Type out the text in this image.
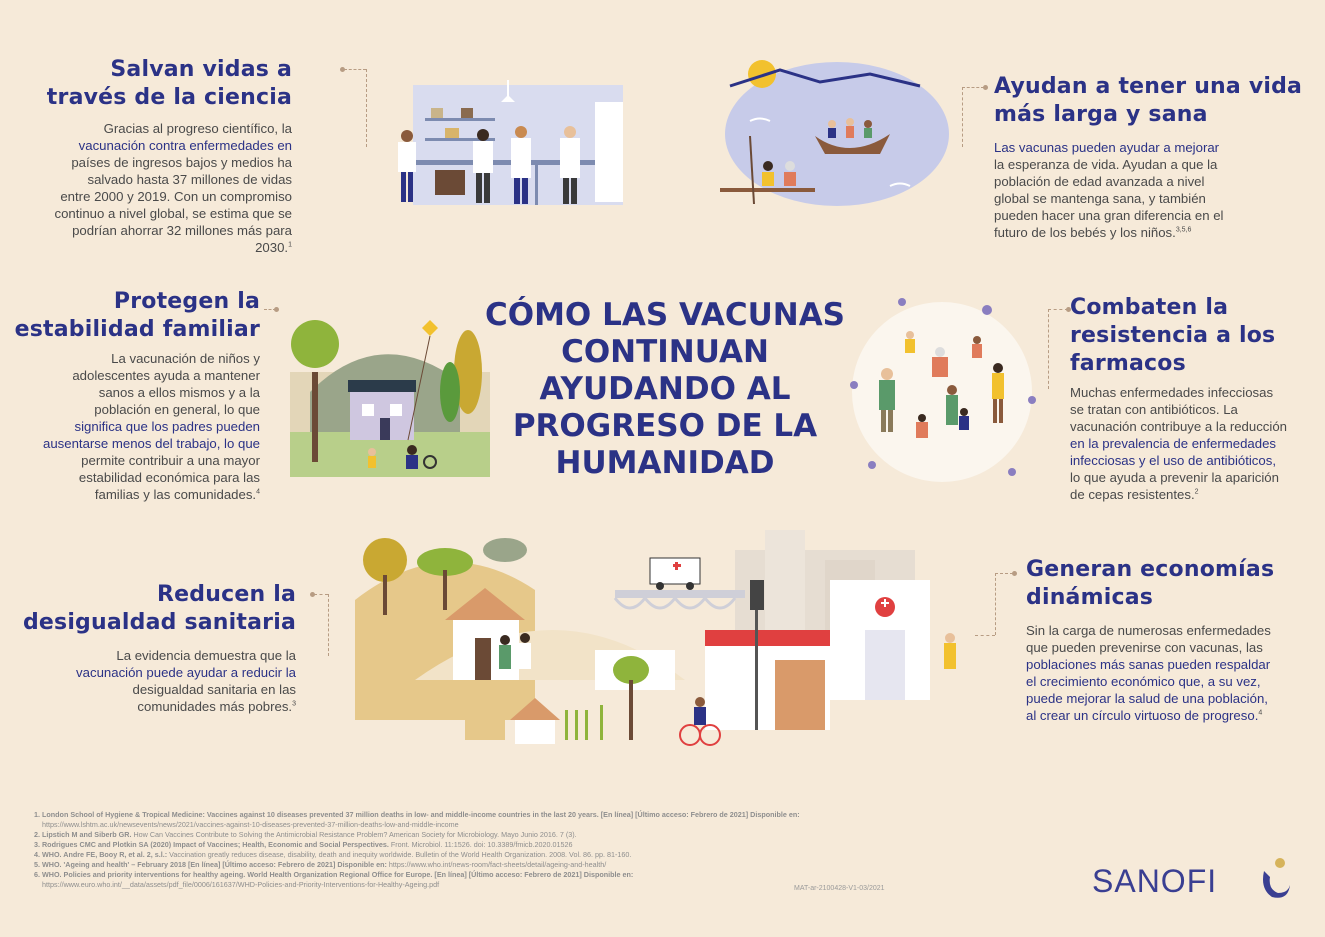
Salvan vidas a
través de la ciencia

Gracias al progreso científico, la
vacunación contra enfermedades en
países de ingresos bajos y medios ha
salvado hasta 37 millones de vidas
entre 2000 y 2019. Con un compromiso
continuo a nivel global, se estima que se
podrían ahorrar 32 millones más para
2030.$^1$

Ayudan a tener una vida
más larga y sana

Las vacunas pueden ayudar a mejorar
la esperanza de vida. Ayudan a que la
población de edad avanzada a nivel
global se mantenga sana, y también
pueden hacer una gran diferencia en el
futuro de los bebés y los niños.$^{3,5,6}$

Protegen la
estabilidad familiar

La vacunación de niños y
adolescentes ayuda a mantener
sanos a ellos mismos y a la
población en general, lo que
significa que los padres pueden
ausentarse menos del trabajo, lo que
permite contribuir a una mayor
estabilidad económica para las
familias y las comunidades.$^4$

CÓMO LAS VACUNAS
CONTINUAN
AYUDANDO AL
PROGRESO DE LA
HUMANIDAD
Combaten la
resistencia a los
farmacos

Muchas enfermedades infecciosas
se tratan con antibióticos. La
vacunación contribuye a la reducción
en la prevalencia de enfermedades
infecciosas y el uso de antibióticos,
lo que ayuda a prevenir la aparición
de cepas resistentes.$^2$

Reducen la
desigualdad sanitaria

La evidencia demuestra que la
vacunación puede ayudar a reducir la
desigualdad sanitaria en las
comunidades más pobres.$^3$

Generan economías
dinámicas

Sin la carga de numerosas enfermedades
que pueden prevenirse con vacunas, las
poblaciones más sanas pueden respaldar
el crecimiento económico que, a su vez,
puede mejorar la salud de una población,
al crear un círculo virtuoso de progreso.$^4$

1. London School of Hygiene & Tropical Medicine: Vaccines against 10 diseases prevented 37 million deaths in low- and middle-income countries in the last 20 years. [En línea] [Último acceso: Febrero de 2021] Disponible en:
https://www.lshtm.ac.uk/newsevents/news/2021/vaccines-against-10-diseases-prevented-37-million-deaths-low-and-middle-income
2. Lipstich M and Siberb GR. How Can Vaccines Contribute to Solving the Antimicrobial Resistance Problem? American Society for Microbiology. Mayo Junio 2016. 7 (3).
3. Rodrigues CMC and Plotkin SA (2020) Impact of Vaccines; Health, Economic and Social Perspectives. Front. Microbiol. 11:1526. doi: 10.3389/fmicb.2020.01526
4. WHO. Andre FE, Booy R, et al. 2, s.l.: Vaccination greatly reduces disease, disability, death and inequity worldwide. Bulletin of the World Health Organization. 2008. Vol. 86. pp. 81-160.
5. WHO. 'Ageing and health' – February 2018 [En línea] [Último acceso: Febrero de 2021] Disponible en: https://www.who.int/news-room/fact-sheets/detail/ageing-and-health/
6. WHO. Policies and priority interventions for healthy ageing. World Health Organization Regional Office for Europe. [En línea] [Último acceso: Febrero de 2021] Disponible en:
https://www.euro.who.int/__data/assets/pdf_file/0006/161637/WHD-Policies-and-Priority-Interventions-for-Healthy-Ageing.pdf	MAT-ar-2100428-V1-03/2021	SANOFI
